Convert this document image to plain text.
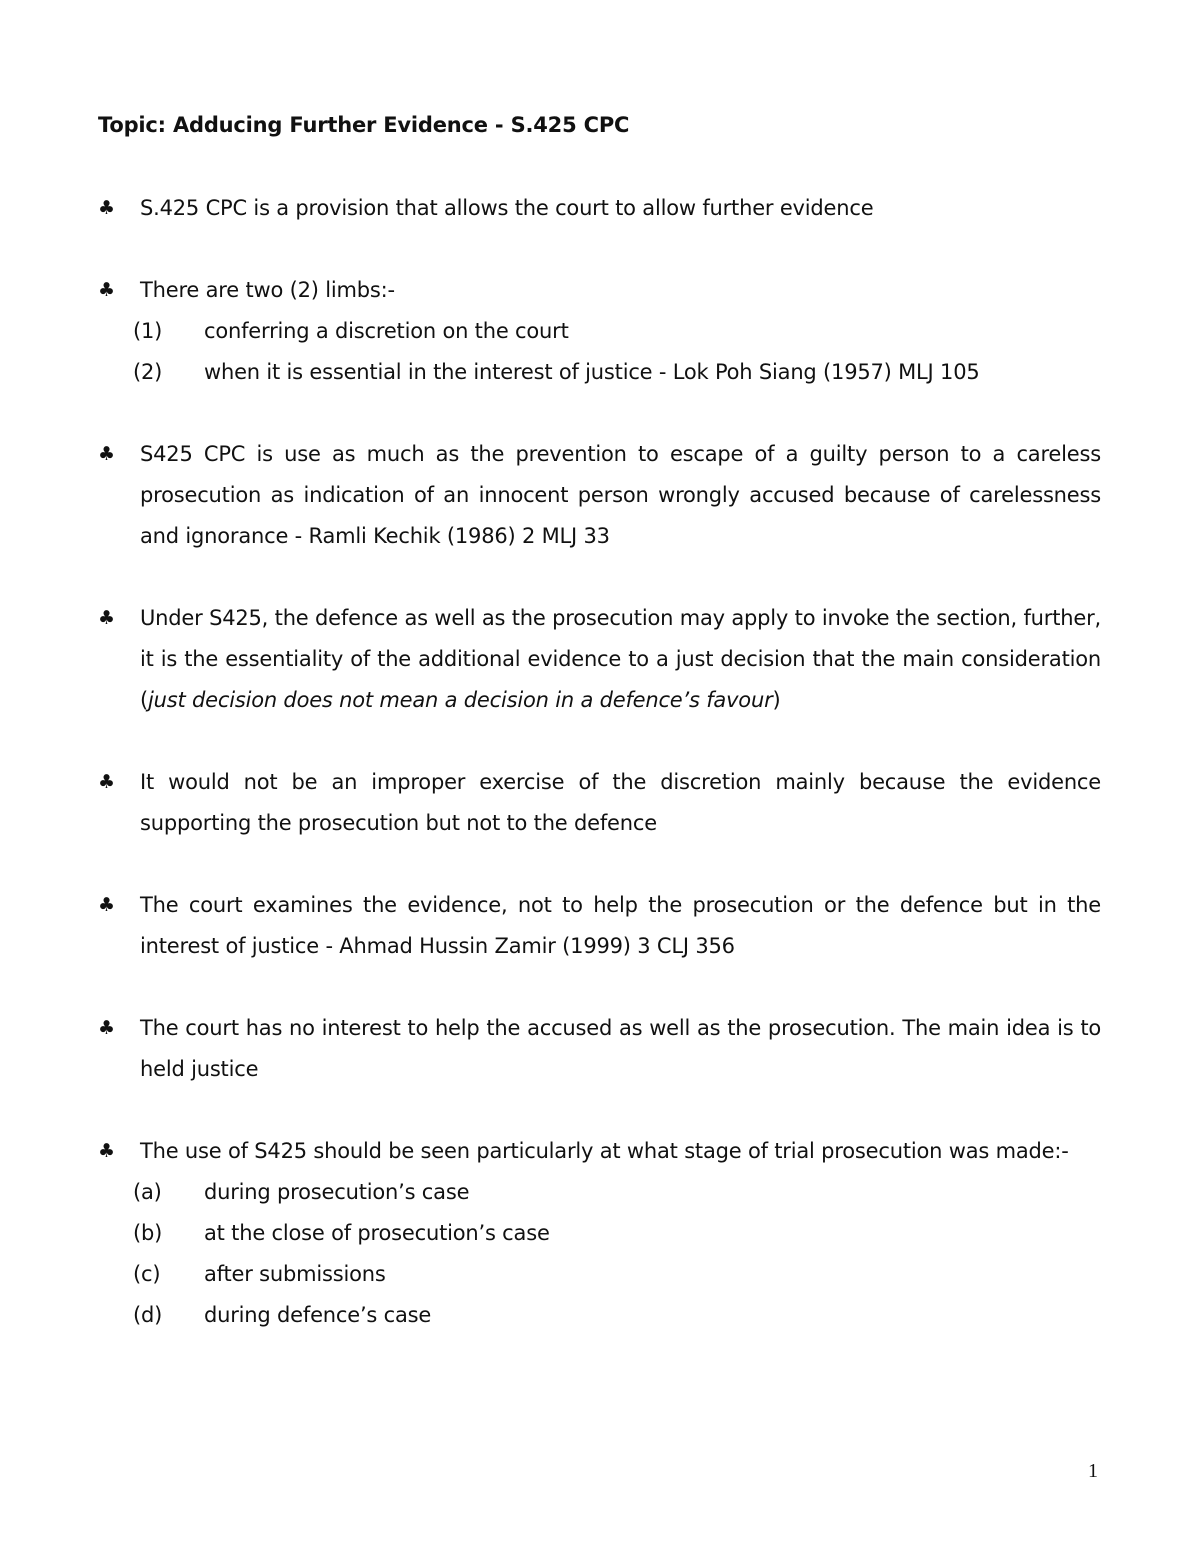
Topic: Adducing Further Evidence - S.425 CPC
♣	S.425 CPC is a provision that allows the court to allow further evidence
♣	There are two (2) limbs:-
(1) conferring a discretion on the court
(2) when it is essential in the interest of justice - Lok Poh Siang (1957) MLJ 105
♣	S425 CPC is use as much as the prevention to escape of a guilty person to a careless prosecution as indication of an innocent person wrongly accused because of carelessness and ignorance - Ramli Kechik (1986) 2 MLJ 33
♣	Under S425, the defence as well as the prosecution may apply to invoke the section, further, it is the essentiality of the additional evidence to a just decision that the main consideration (just decision does not mean a decision in a defence’s favour)
♣	It would not be an improper exercise of the discretion mainly because the evidence supporting the prosecution but not to the defence
♣	The court examines the evidence, not to help the prosecution or the defence but in the interest of justice - Ahmad Hussin Zamir (1999) 3 CLJ 356
♣	The court has no interest to help the accused as well as the prosecution. The main idea is to held justice
♣	The use of S425 should be seen particularly at what stage of trial prosecution was made:-
(a) during prosecution’s case
(b) at the close of prosecution’s case
(c) after submissions
(d) during defence’s case
1
